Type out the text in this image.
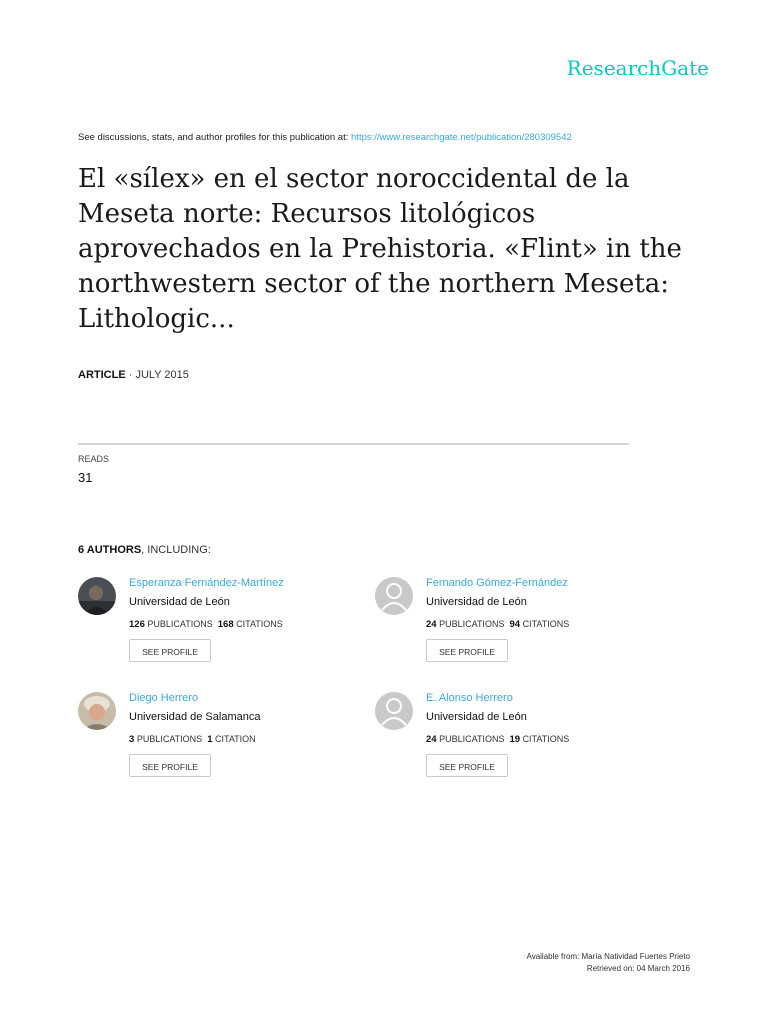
ResearchGate
See discussions, stats, and author profiles for this publication at: https://www.researchgate.net/publication/280309542
El «sílex» en el sector noroccidental de la Meseta norte: Recursos litológicos aprovechados en la Prehistoria. «Flint» in the northwestern sector of the northern Meseta: Lithologic...
ARTICLE · JULY 2015
READS
31
6 AUTHORS, INCLUDING:
Esperanza Fernández-Martínez
Universidad de León
126 PUBLICATIONS 168 CITATIONS
SEE PROFILE
Fernando Gómez-Fernández
Universidad de León
24 PUBLICATIONS 94 CITATIONS
SEE PROFILE
Diego Herrero
Universidad de Salamanca
3 PUBLICATIONS 1 CITATION
SEE PROFILE
E. Alonso Herrero
Universidad de León
24 PUBLICATIONS 19 CITATIONS
SEE PROFILE
Available from: María Natividad Fuertes Prieto
Retrieved on: 04 March 2016
